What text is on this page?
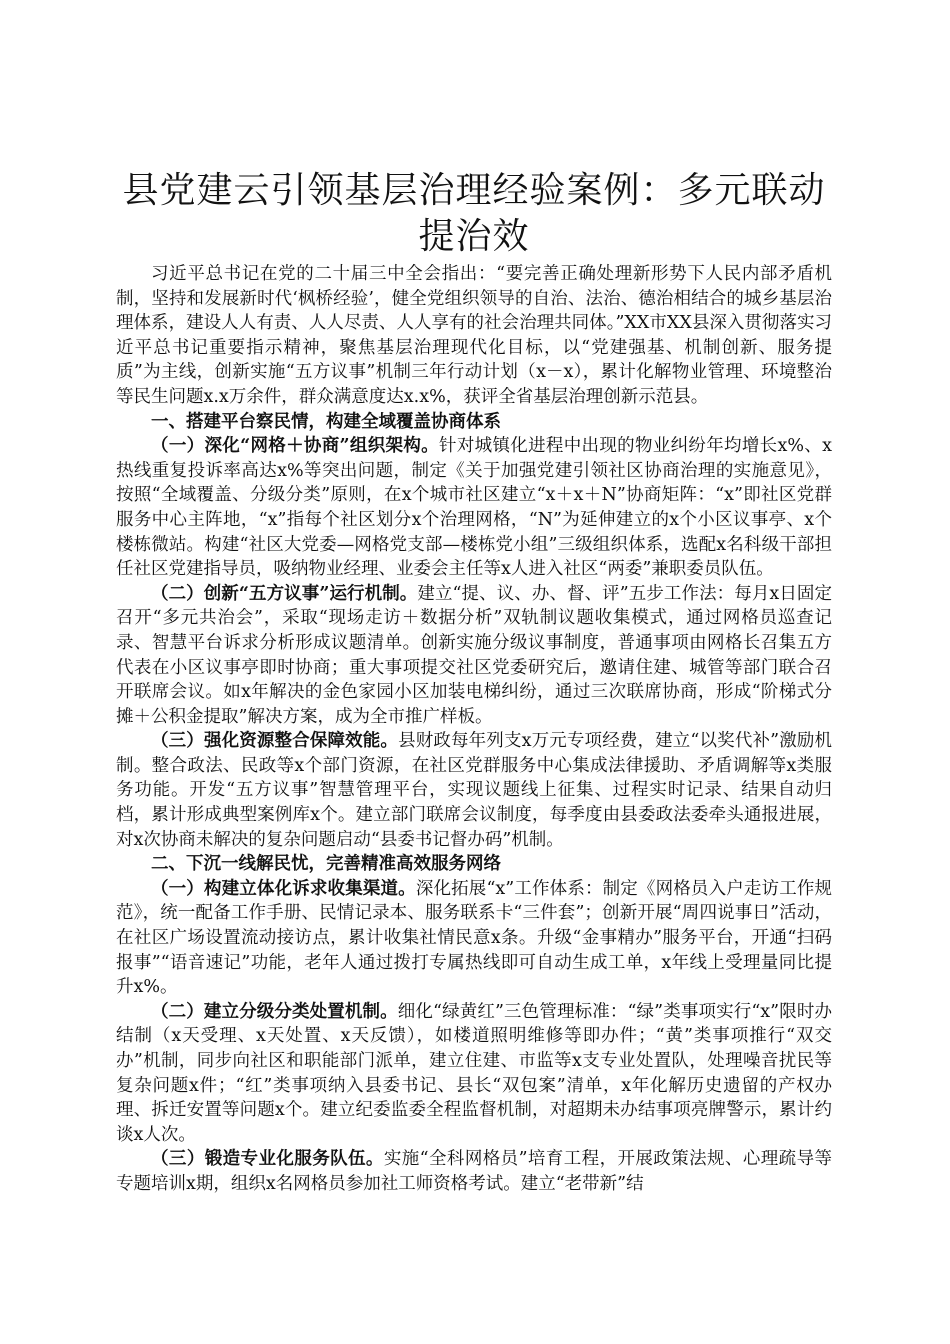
县党建云引领基层治理经验案例：多元联动提治效

习近平总书记在党的二十届三中全会指出：“要完善正确处理新形势下人民内部矛盾机制，坚持和发展新时代‘枫桥经验’，健全党组织领导的自治、法治、德治相结合的城乡基层治理体系，建设人人有责、人人尽责、人人享有的社会治理共同体。”XX市XX县深入贯彻落实习近平总书记重要指示精神，聚焦基层治理现代化目标，以“党建强基、机制创新、服务提质”为主线，创新实施“五方议事”机制三年行动计划（x－x），累计化解物业管理、环境整治等民生问题x.x万余件，群众满意度达x.x%，获评全省基层治理创新示范县。

一、搭建平台察民情，构建全域覆盖协商体系

（一）深化“网格＋协商”组织架构。针对城镇化进程中出现的物业纠纷年均增长x%、x热线重复投诉率高达x%等突出问题，制定《关于加强党建引领社区协商治理的实施意见》，按照“全域覆盖、分级分类”原则，在x个城市社区建立“x＋x＋N”协商矩阵：“x”即社区党群服务中心主阵地，“x”指每个社区划分x个治理网格，“N”为延伸建立的x个小区议事亭、x个楼栋微站。构建“社区大党委—网格党支部—楼栋党小组”三级组织体系，选配x名科级干部担任社区党建指导员，吸纳物业经理、业委会主任等x人进入社区“两委”兼职委员队伍。

（二）创新“五方议事”运行机制。建立“提、议、办、督、评”五步工作法：每月x日固定召开“多元共治会”，采取“现场走访＋数据分析”双轨制议题收集模式，通过网格员巡查记录、智慧平台诉求分析形成议题清单。创新实施分级议事制度，普通事项由网格长召集五方代表在小区议事亭即时协商；重大事项提交社区党委研究后，邀请住建、城管等部门联合召开联席会议。如x年解决的金色家园小区加装电梯纠纷，通过三次联席协商，形成“阶梯式分摊＋公积金提取”解决方案，成为全市推广样板。

（三）强化资源整合保障效能。县财政每年列支x万元专项经费，建立“以奖代补”激励机制。整合政法、民政等x个部门资源，在社区党群服务中心集成法律援助、矛盾调解等x类服务功能。开发“五方议事”智慧管理平台，实现议题线上征集、过程实时记录、结果自动归档，累计形成典型案例库x个。建立部门联席会议制度，每季度由县委政法委牵头通报进展，对x次协商未解决的复杂问题启动“县委书记督办码”机制。

二、下沉一线解民忧，完善精准高效服务网络

（一）构建立体化诉求收集渠道。深化拓展“x”工作体系：制定《网格员入户走访工作规范》，统一配备工作手册、民情记录本、服务联系卡“三件套”；创新开展“周四说事日”活动，在社区广场设置流动接访点，累计收集社情民意x条。升级“金事精办”服务平台，开通“扫码报事”“语音速记”功能，老年人通过拨打专属热线即可自动生成工单，x年线上受理量同比提升x%。

（二）建立分级分类处置机制。细化“绿黄红”三色管理标准：“绿”类事项实行“x”限时办结制（x天受理、x天处置、x天反馈），如楼道照明维修等即办件；“黄”类事项推行“双交办”机制，同步向社区和职能部门派单，建立住建、市监等x支专业处置队，处理噪音扰民等复杂问题x件；“红”类事项纳入县委书记、县长“双包案”清单，x年化解历史遗留的产权办理、拆迁安置等问题x个。建立纪委监委全程监督机制，对超期未办结事项亮牌警示，累计约谈x人次。

（三）锻造专业化服务队伍。实施“全科网格员”培育工程，开展政策法规、心理疏导等专题培训x期，组织x名网格员参加社工师资格考试。建立“老带新”结
